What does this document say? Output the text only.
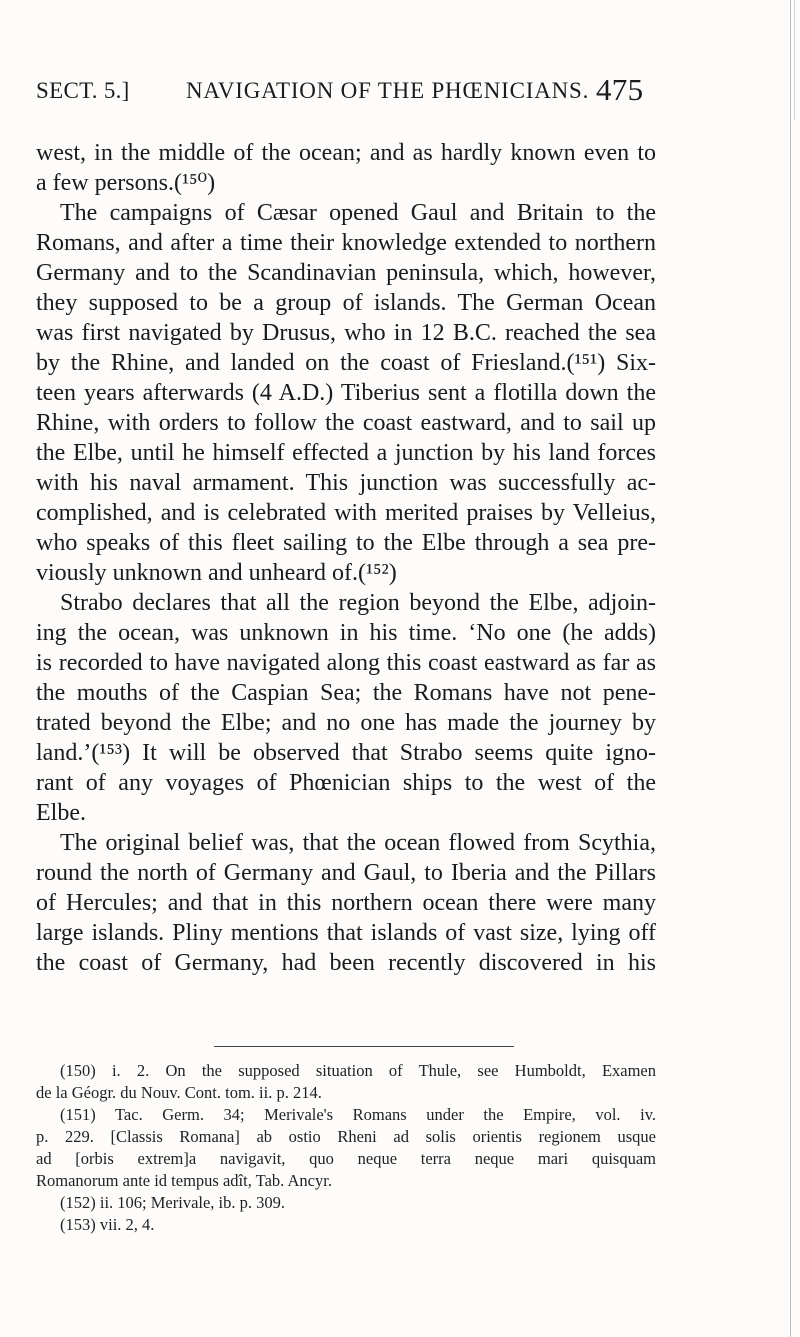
SECT. 5.] NAVIGATION OF THE PHŒNICIANS. 475
west, in the middle of the ocean; and as hardly known even to
a few persons.(¹⁵⁰)
The campaigns of Cæsar opened Gaul and Britain to the
Romans, and after a time their knowledge extended to northern
Germany and to the Scandinavian peninsula, which, however,
they supposed to be a group of islands. The German Ocean
was first navigated by Drusus, who in 12 B.C. reached the sea
by the Rhine, and landed on the coast of Friesland.(¹⁵¹) Six-
teen years afterwards (4 A.D.) Tiberius sent a flotilla down the
Rhine, with orders to follow the coast eastward, and to sail up
the Elbe, until he himself effected a junction by his land forces
with his naval armament. This junction was successfully ac-
complished, and is celebrated with merited praises by Velleius,
who speaks of this fleet sailing to the Elbe through a sea pre-
viously unknown and unheard of.(¹⁵²)
Strabo declares that all the region beyond the Elbe, adjoin-
ing the ocean, was unknown in his time. ‘No one (he adds)
is recorded to have navigated along this coast eastward as far as
the mouths of the Caspian Sea; the Romans have not pene-
trated beyond the Elbe; and no one has made the journey by
land.’(¹⁵³) It will be observed that Strabo seems quite igno-
rant of any voyages of Phœnician ships to the west of the
Elbe.
The original belief was, that the ocean flowed from Scythia,
round the north of Germany and Gaul, to Iberia and the Pillars
of Hercules; and that in this northern ocean there were many
large islands. Pliny mentions that islands of vast size, lying off
the coast of Germany, had been recently discovered in his
(150) i. 2. On the supposed situation of Thule, see Humboldt, Examen
de la Géogr. du Nouv. Cont. tom. ii. p. 214.
(151) Tac. Germ. 34; Merivale's Romans under the Empire, vol. iv.
p. 229. [Classis Romana] ab ostio Rheni ad solis orientis regionem usque
ad [orbis extrem]a navigavit, quo neque terra neque mari quisquam
Romanorum ante id tempus adît, Tab. Ancyr.
(152) ii. 106; Merivale, ib. p. 309.
(153) vii. 2, 4.
